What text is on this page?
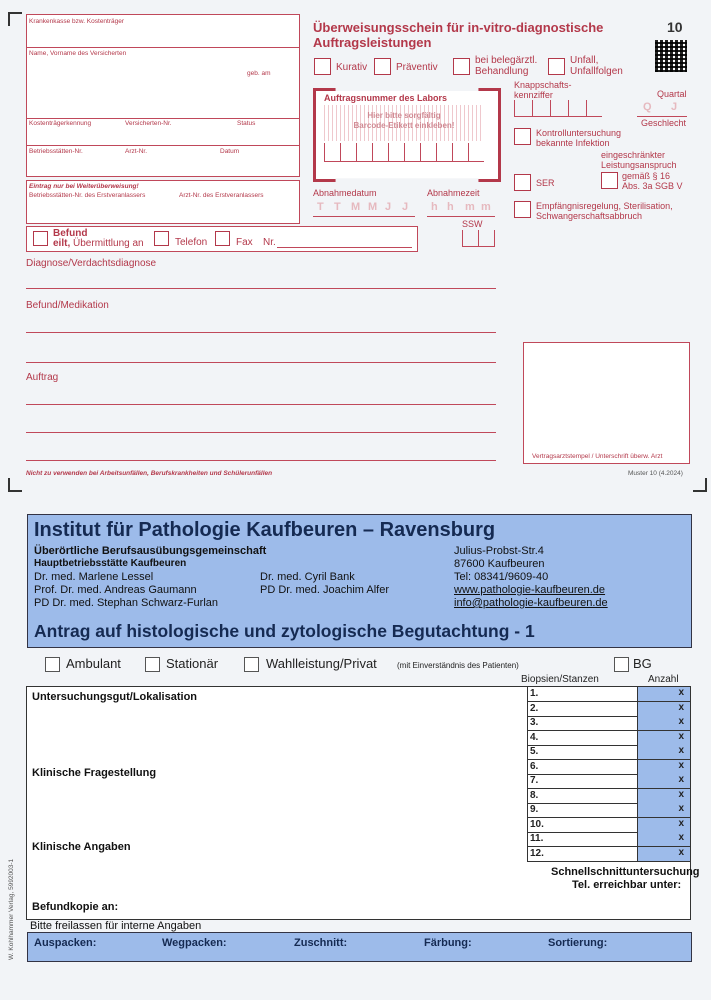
Krankenkasse bzw. Kostenträger
Name, Vorname des Versicherten
geb. am
Kostenträgerkennung	Versicherten-Nr.	Status
Betriebsstätten-Nr.	Arzt-Nr.	Datum
Eintrag nur bei Weiterüberweisung!
Betriebsstätten-Nr. des Erstveranlassers	Arzt-Nr. des Erstveranlassers
Befund
eilt, Übermittlung an	Telefon	Fax Nr.
Diagnose/Verdachtsdiagnose
Befund/Medikation
Auftrag
Nicht zu verwenden bei Arbeitsunfällen, Berufskrankheiten und Schülerunfällen	Muster 10 (4.2024)
Überweisungsschein für in-vitro-diagnostische
Auftragsleistungen
10
Kurativ	Präventiv
bei belegärztl.
Behandlung
Unfall,
Unfallfolgen
Auftragsnummer des Labors
Hier bitte sorgfältig
Barcode-Etikett einkleben!
Knappschafts-
kennziffer	Quartal
Q J
Geschlecht
Kontrolluntersuchung
bekannte Infektion
eingeschränkter
Leistungsanspruch
gemäß § 16
Abs. 3a SGB V
SER
Abnahmedatum	Abnahmezeit
T T M M J J h h m m
SSW
Empfängnisregelung, Sterilisation,
Schwangerschaftsabbruch
Vertragsarztstempel / Unterschrift überw. Arzt
Institut für Pathologie Kaufbeuren – Ravensburg
Überörtliche Berufsausübungsgemeinschaft
Hauptbetriebsstätte Kaufbeuren
Dr. med. Marlene Lessel
Prof. Dr. med. Andreas Gaumann
PD Dr. med. Stephan Schwarz-Furlan
Dr. med. Cyril Bank
PD Dr. med. Joachim Alfer
Julius-Probst-Str.4
87600 Kaufbeuren
Tel: 08341/9609-40
www.pathologie-kaufbeuren.de
info@pathologie-kaufbeuren.de
Antrag auf histologische und zytologische Begutachtung - 1
Ambulant	Stationär	Wahlleistung/Privat	(mit Einverständnis des Patienten)	BG
Untersuchungsgut/Lokalisation
Klinische Fragestellung
Klinische Angaben
Befundkopie an:
Biopsien/Stanzen	Anzahl
1.	x
2.	x
3.	x
4.	x
5.	x
6.	x
7.	x
8.	x
9.	x
10.	x
11.	x
12.	x
Schnellschnittuntersuchung
Tel. erreichbar unter:
Bitte freilassen für interne Angaben
Auspacken:	Wegpacken:	Zuschnitt:	Färbung:	Sortierung:
W. Kohlhammer Verlag, 5992003-1
